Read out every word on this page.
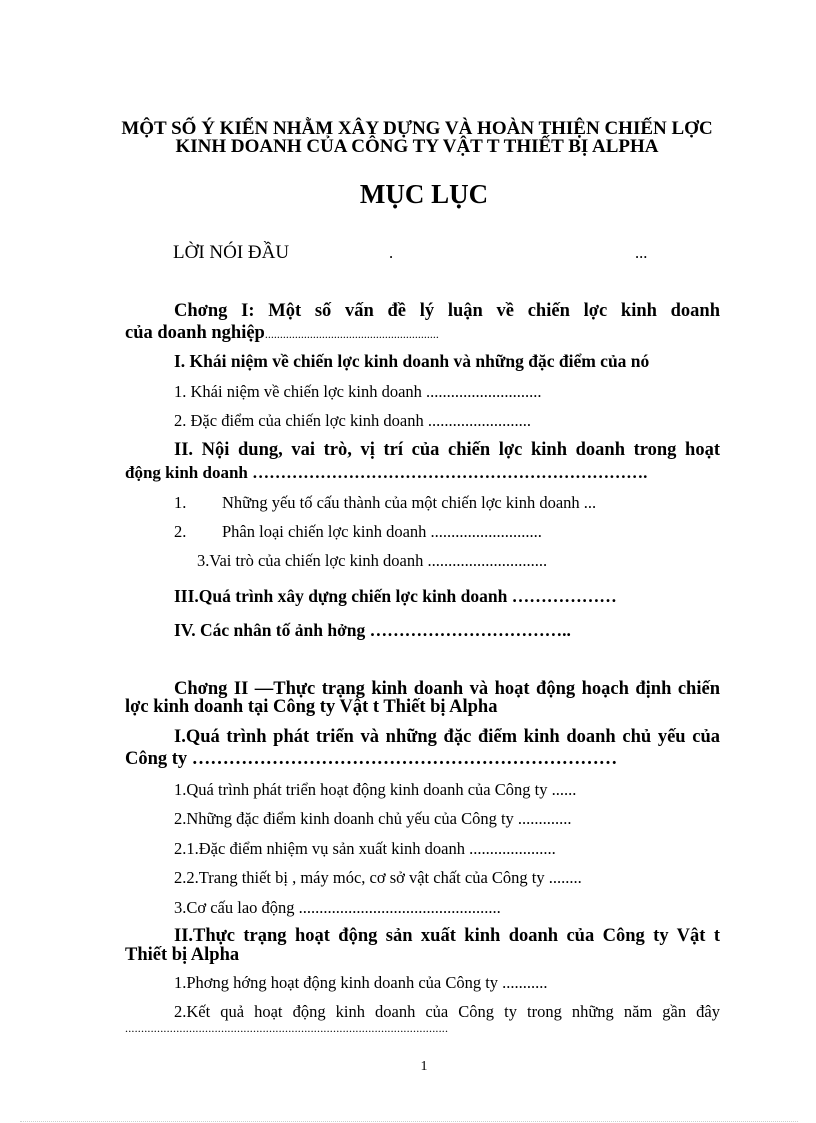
MỘT SỐ Ý KIẾN NHẰM XÂY DỰNG VÀ HOÀN THIỆN CHIẾN LỢC
KINH DOANH CỦA CÔNG TY VẬT T THIẾT BỊ ALPHA
MỤC LỤC
LỜI NÓI ĐẦU	.	...
Chơng I: Một số vấn đề lý luận về chiến lợc kinh doanh
của doanh nghiệp..........................................................
I. Khái niệm về chiến lợc kinh doanh và những đặc điểm của nó
1. Khái niệm về chiến lợc kinh doanh ............................
2. Đặc điểm của chiến lợc kinh doanh .........................
II. Nội dung, vai trò, vị trí của chiến lợc kinh doanh trong hoạt
động kinh doanh …………………………………………………………….
1. Những yếu tố cấu thành của một chiến lợc kinh doanh ...
2. Phân loại chiến lợc kinh doanh ...........................
3.Vai trò của chiến lợc kinh doanh .............................
III.Quá trình xây dựng chiến lợc kinh doanh ………………
IV. Các nhân tố ảnh hởng ……………………………..
Chơng II —Thực trạng kinh doanh và hoạt động hoạch định chiến
lợc kinh doanh tại Công ty Vật t Thiết bị Alpha
I.Quá trình phát triển và những đặc điểm kinh doanh chủ yếu của
Công ty ……………………………………………………………
1.Quá trình phát triển hoạt động kinh doanh của Công ty ......
2.Những đặc điểm kinh doanh chủ yếu của Công ty .............
2.1.Đặc điểm nhiệm vụ sản xuất kinh doanh .....................
2.2.Trang thiết bị , máy móc, cơ sở vật chất của Công ty ........
3.Cơ cấu lao động .................................................
II.Thực trạng hoạt động sản xuất kinh doanh của Công ty Vật t
Thiết bị Alpha
1.Phơng hớng hoạt động kinh doanh của Công ty ...........
2.Kết quả hoạt động kinh doanh của Công ty trong những năm gần đây
.....................................................................................................
1
